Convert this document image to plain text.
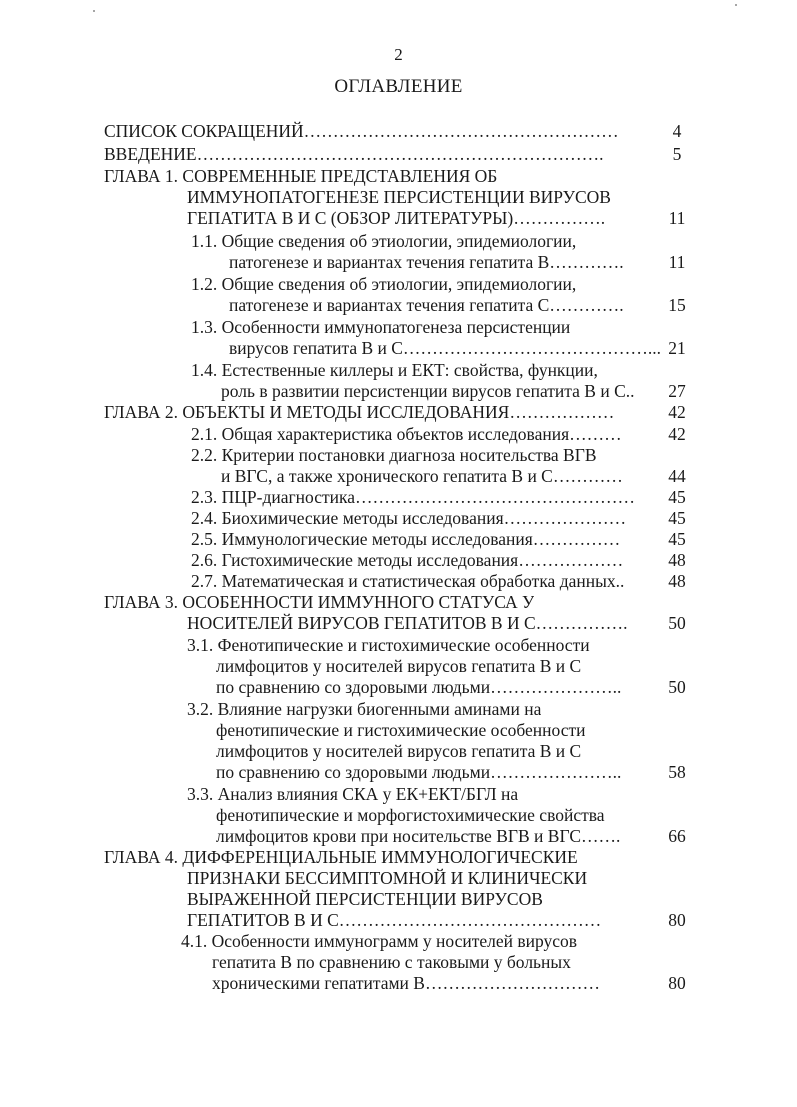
2
ОГЛАВЛЕНИЕ
СПИСОК СОКРАЩЕНИЙ………………………………………………	4
ВВЕДЕНИЕ…………………………………………………………….	5
ГЛАВА 1. СОВРЕМЕННЫЕ ПРЕДСТАВЛЕНИЯ ОБ
ИММУНОПАТОГЕНЕЗЕ ПЕРСИСТЕНЦИИ ВИРУСОВ
ГЕПАТИТА В И С (ОБЗОР ЛИТЕРАТУРЫ)…………….	11
1.1. Общие сведения об этиологии, эпидемиологии,
патогенезе и вариантах течения гепатита В………….	11
1.2. Общие сведения об этиологии, эпидемиологии,
патогенезе и вариантах течения гепатита С………….	15
1.3. Особенности иммунопатогенеза персистенции
вирусов гепатита В и С……………………………………... 21
1.4. Естественные киллеры и ЕКТ: свойства, функции,
роль в развитии персистенции вирусов гепатита В и С..	27
ГЛАВА 2. ОБЪЕКТЫ И МЕТОДЫ ИССЛЕДОВАНИЯ………………	42
2.1. Общая характеристика объектов исследования………	42
2.2. Критерии постановки диагноза носительства ВГВ
и ВГС, а также хронического гепатита В и С…………	44
2.3. ПЦР-диагностика…………………………………………	45
2.4. Биохимические методы исследования…………………	45
2.5. Иммунологические методы исследования……………	45
2.6. Гистохимические методы исследования………………	48
2.7. Математическая и статистическая обработка данных..	48
ГЛАВА 3. ОСОБЕННОСТИ ИММУННОГО СТАТУСА У
НОСИТЕЛЕЙ ВИРУСОВ ГЕПАТИТОВ В И С…………….	50
3.1. Фенотипические и гистохимические особенности
лимфоцитов у носителей вирусов гепатита В и С
по сравнению со здоровыми людьми…………………..	50
3.2. Влияние нагрузки биогенными аминами на
фенотипические и гистохимические особенности
лимфоцитов у носителей вирусов гепатита В и С
по сравнению со здоровыми людьми…………………..	58
3.3. Анализ влияния СКА у ЕК+ЕКТ/БГЛ на
фенотипические и морфогистохимические свойства
лимфоцитов крови при носительстве ВГВ и ВГС…….	66
ГЛАВА 4. ДИФФЕРЕНЦИАЛЬНЫЕ ИММУНОЛОГИЧЕСКИЕ
ПРИЗНАКИ БЕССИМПТОМНОЙ И КЛИНИЧЕСКИ
ВЫРАЖЕННОЙ ПЕРСИСТЕНЦИИ ВИРУСОВ
ГЕПАТИТОВ В И С………………………………………	80
4.1. Особенности иммунограмм у носителей вирусов
гепатита В по сравнению с таковыми у больных
хроническими гепатитами В…………………………	80
